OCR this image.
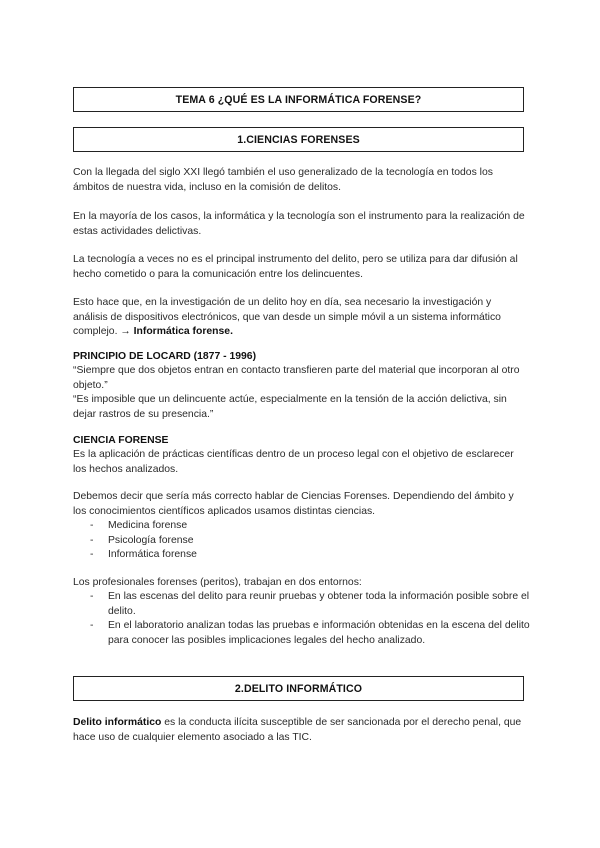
TEMA 6 ¿QUÉ ES LA INFORMÁTICA FORENSE?
1.CIENCIAS FORENSES

Con la llegada del siglo XXI llegó también el uso generalizado de la tecnología en todos los ámbitos de nuestra vida, incluso en la comisión de delitos.

En la mayoría de los casos, la informática y la tecnología son el instrumento para la realización de estas actividades delictivas.

La tecnología a veces no es el principal instrumento del delito, pero se utiliza para dar difusión al hecho cometido o para la comunicación entre los delincuentes.

Esto hace que, en la investigación de un delito hoy en día, sea necesario la investigación y análisis de dispositivos electrónicos, que van desde un simple móvil a un sistema informático complejo. → Informática forense.

PRINCIPIO DE LOCARD (1877 - 1996)

“Siempre que dos objetos entran en contacto transfieren parte del material que incorporan al otro objeto.”

“Es imposible que un delincuente actúe, especialmente en la tensión de la acción delictiva, sin dejar rastros de su presencia.”

CIENCIA FORENSE

Es la aplicación de prácticas científicas dentro de un proceso legal con el objetivo de esclarecer los hechos analizados.

Debemos decir que sería más correcto hablar de Ciencias Forenses. Dependiendo del ámbito y los conocimientos científicos aplicados usamos distintas ciencias.

- Medicina forense
- Psicología forense
- Informática forense

Los profesionales forenses (peritos), trabajan en dos entornos:

- En las escenas del delito para reunir pruebas y obtener toda la información posible sobre el delito.
- En el laboratorio analizan todas las pruebas e información obtenidas en la escena del delito para conocer las posibles implicaciones legales del hecho analizado.
2.DELITO INFORMÁTICO

Delito informático es la conducta ilícita susceptible de ser sancionada por el derecho penal, que hace uso de cualquier elemento asociado a las TIC.
